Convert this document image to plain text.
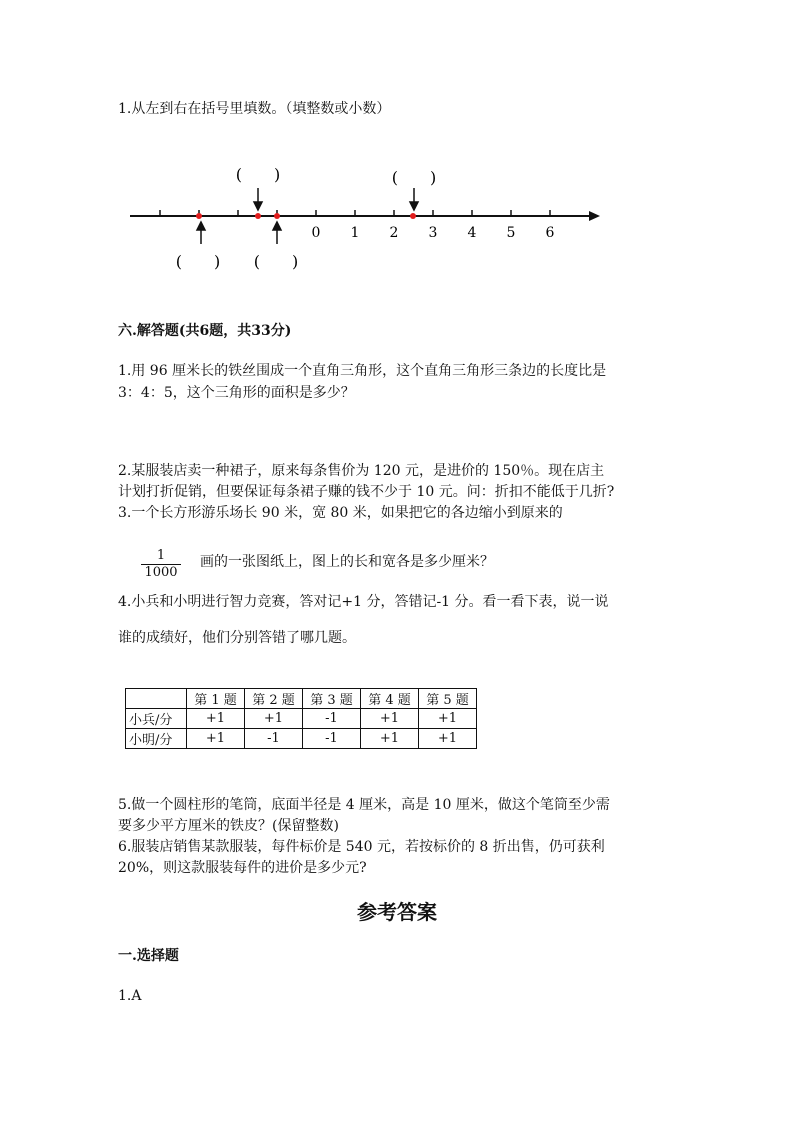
1.从左到右在括号里填数。（填整数或小数）
0 1 2 3 4 5 6
(　　)	(　　)
(　　) (　　)
六.解答题(共6题，共33分)
1.用 96 厘米长的铁丝围成一个直角三角形，这个直角三角形三条边的长度比是
3：4：5，这个三角形的面积是多少？
2.某服装店卖一种裙子，原来每条售价为 120 元，是进价的 150％。现在店主
计划打折促销，但要保证每条裙子赚的钱不少于 10 元。问：折扣不能低于几折?
3.一个长方形游乐场长 90 米，宽 80 米，如果把它的各边缩小到原来的
$\frac{1}{1000}$ 画的一张图纸上，图上的长和宽各是多少厘米？
4.小兵和小明进行智力竞赛，答对记+1 分，答错记-1 分。看一看下表，说一说
谁的成绩好，他们分别答错了哪几题。
	第 1 题	第 2 题	第 3 题	第 4 题	第 5 题
小兵/分	+1	+1	-1	+1	+1
小明/分	+1	-1	-1	+1	+1
5.做一个圆柱形的笔筒，底面半径是 4 厘米，高是 10 厘米，做这个笔筒至少需
要多少平方厘米的铁皮？(保留整数)
6.服装店销售某款服装，每件标价是 540 元，若按标价的 8 折出售，仍可获利
20%，则这款服装每件的进价是多少元?
参考答案
一.选择题
1.A
